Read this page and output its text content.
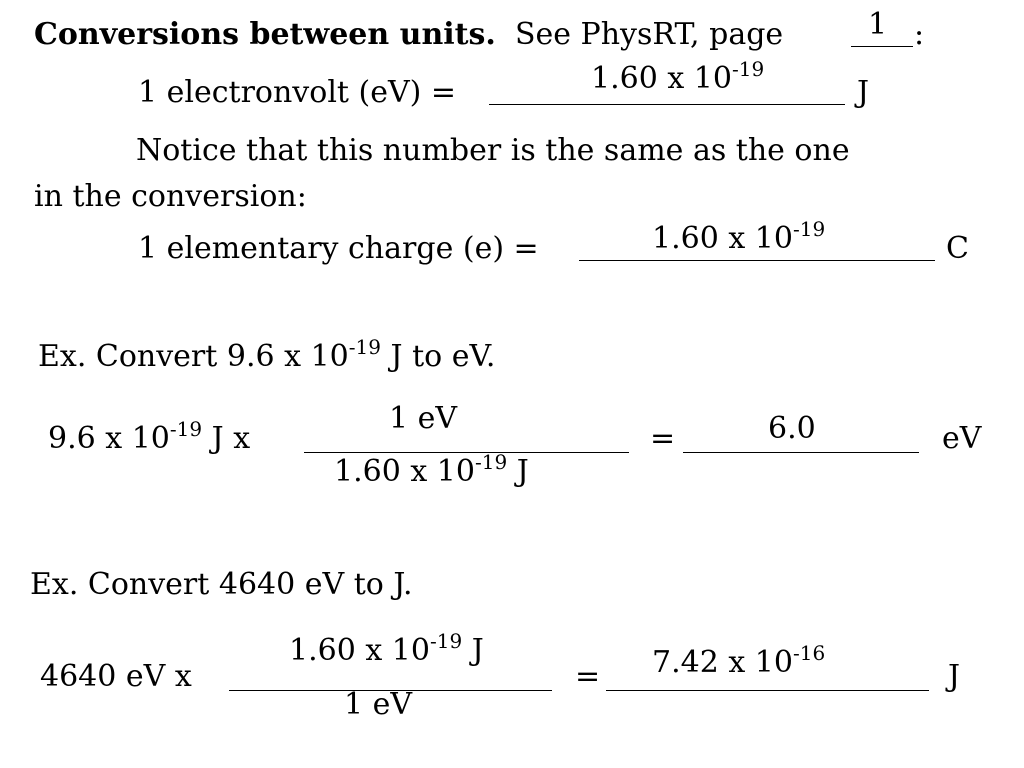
Conversions between units. See PhysRT, page	1 :
1 electronvolt (eV) =	1.60 x $10^{-19}$
J
Notice that this number is the same as the one
in the conversion:
1 elementary charge (e) =	1.60 x $10^{-19}$
C
Ex. Convert 9.6 x $10^{-19}$ J to eV.
9.6 x $10^{-19}$ J x
1 eV
1.60 x $10^{-19}$ J
=	6.0	eV
Ex. Convert 4640 eV to J.
4640 eV x
1.60 x $10^{-19}$ J
1 eV
= 7.42 x $10^{-16}$
J
